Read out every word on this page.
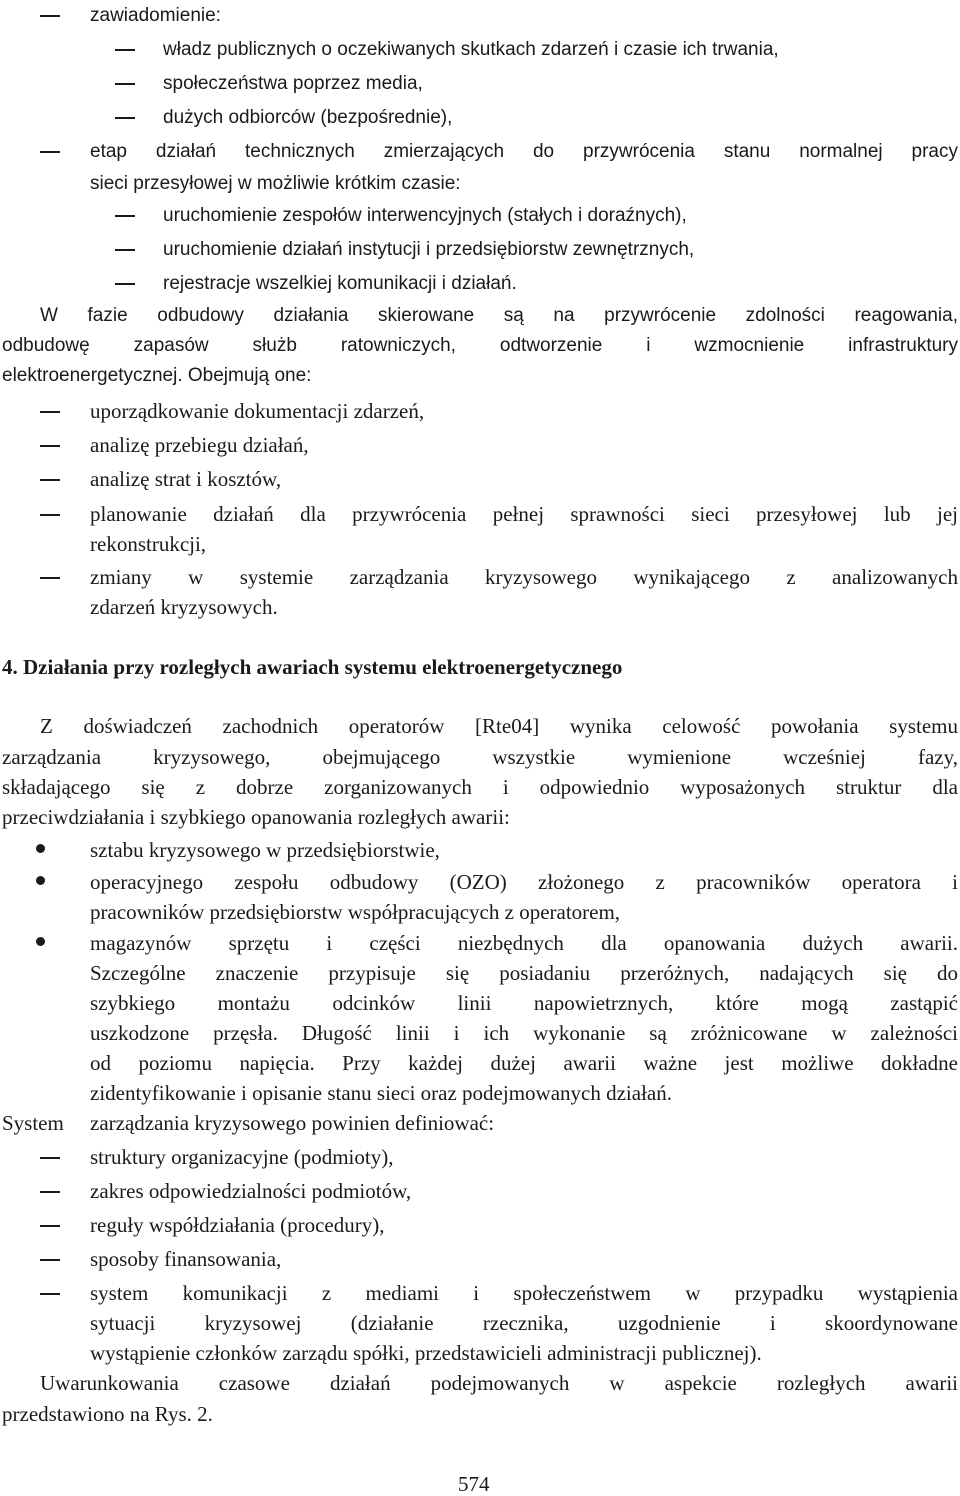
zawiadomienie:
władz publicznych o oczekiwanych skutkach zdarzeń i czasie ich trwania,
społeczeństwa poprzez media,
dużych odbiorców (bezpośrednie),
etap działań technicznych zmierzających do przywrócenia stanu normalnej pracy
sieci przesyłowej w możliwie krótkim czasie:
uruchomienie zespołów interwencyjnych (stałych i doraźnych),
uruchomienie działań instytucji i przedsiębiorstw zewnętrznych,
rejestracje wszelkiej komunikacji i działań.
W fazie odbudowy działania skierowane są na przywrócenie zdolności reagowania,
odbudowę zapasów służb ratowniczych, odtworzenie i wzmocnienie infrastruktury
elektroenergetycznej. Obejmują one:
uporządkowanie dokumentacji zdarzeń,
analizę przebiegu działań,
analizę strat i kosztów,
planowanie działań dla przywrócenia pełnej sprawności sieci przesyłowej lub jej
rekonstrukcji,
zmiany w systemie zarządzania kryzysowego wynikającego z analizowanych
zdarzeń kryzysowych.
4. Działania przy rozległych awariach systemu elektroenergetycznego
Z doświadczeń zachodnich operatorów [Rte04] wynika celowość powołania systemu
zarządzania kryzysowego, obejmującego wszystkie wymienione wcześniej fazy,
składającego się z dobrze zorganizowanych i odpowiednio wyposażonych struktur dla
przeciwdziałania i szybkiego opanowania rozległych awarii:
sztabu kryzysowego w przedsiębiorstwie,
operacyjnego zespołu odbudowy (OZO) złożonego z pracowników operatora i
pracowników przedsiębiorstw współpracujących z operatorem,
magazynów sprzętu i części niezbędnych dla opanowania dużych awarii.
Szczególne znaczenie przypisuje się posiadaniu przeróżnych, nadających się do
szybkiego montażu odcinków linii napowietrznych, które mogą zastąpić
uszkodzone przęsła. Długość linii i ich wykonanie są zróżnicowane w zależności
od poziomu napięcia. Przy każdej dużej awarii ważne jest możliwe dokładne
zidentyfikowanie i opisanie stanu sieci oraz podejmowanych działań.
System zarządzania kryzysowego powinien definiować:
struktury organizacyjne (podmioty),
zakres odpowiedzialności podmiotów,
reguły współdziałania (procedury),
sposoby finansowania,
system komunikacji z mediami i społeczeństwem w przypadku wystąpienia
sytuacji kryzysowej (działanie rzecznika, uzgodnienie i skoordynowane
wystąpienie członków zarządu spółki, przedstawicieli administracji publicznej).
Uwarunkowania czasowe działań podejmowanych w aspekcie rozległych awarii
przedstawiono na Rys. 2.
574
